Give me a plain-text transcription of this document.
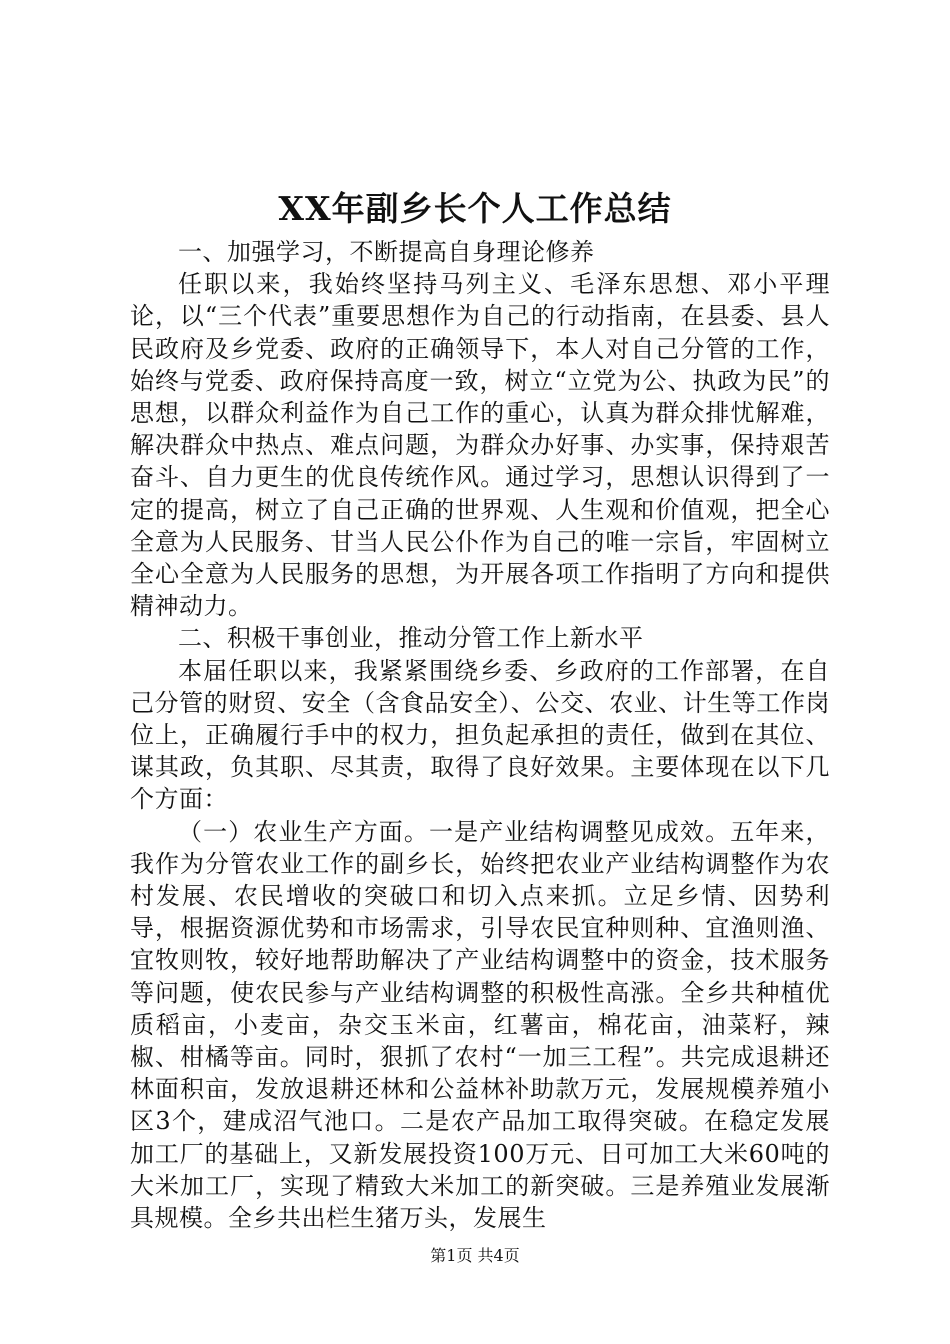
XX年副乡长个人工作总结

一、加强学习，不断提高自身理论修养

任职以来，我始终坚持马列主义、毛泽东思想、邓小平理论，以“三个代表”重要思想作为自己的行动指南，在县委、县人民政府及乡党委、政府的正确领导下，本人对自己分管的工作，始终与党委、政府保持高度一致，树立“立党为公、执政为民”的思想，以群众利益作为自己工作的重心，认真为群众排忧解难，解决群众中热点、难点问题，为群众办好事、办实事，保持艰苦奋斗、自力更生的优良传统作风。通过学习，思想认识得到了一定的提高，树立了自己正确的世界观、人生观和价值观，把全心全意为人民服务、甘当人民公仆作为自己的唯一宗旨，牢固树立全心全意为人民服务的思想，为开展各项工作指明了方向和提供精神动力。

二、积极干事创业，推动分管工作上新水平

本届任职以来，我紧紧围绕乡委、乡政府的工作部署，在自己分管的财贸、安全（含食品安全）、公交、农业、计生等工作岗位上，正确履行手中的权力，担负起承担的责任，做到在其位、谋其政，负其职、尽其责，取得了良好效果。主要体现在以下几个方面：

（一）农业生产方面。一是产业结构调整见成效。五年来，我作为分管农业工作的副乡长，始终把农业产业结构调整作为农村发展、农民增收的突破口和切入点来抓。立足乡情、因势利导，根据资源优势和市场需求，引导农民宜种则种、宜渔则渔、宜牧则牧，较好地帮助解决了产业结构调整中的资金，技术服务等问题，使农民参与产业结构调整的积极性高涨。全乡共种植优质稻亩，小麦亩，杂交玉米亩，红薯亩，棉花亩，油菜籽，辣椒、柑橘等亩。同时，狠抓了农村“一加三工程”。共完成退耕还林面积亩，发放退耕还林和公益林补助款万元，发展规模养殖小区3个，建成沼气池口。二是农产品加工取得突破。在稳定发展加工厂的基础上，又新发展投资100万元、日可加工大米60吨的大米加工厂，实现了精致大米加工的新突破。三是养殖业发展渐具规模。全乡共出栏生猪万头，发展生

第1页 共4页
